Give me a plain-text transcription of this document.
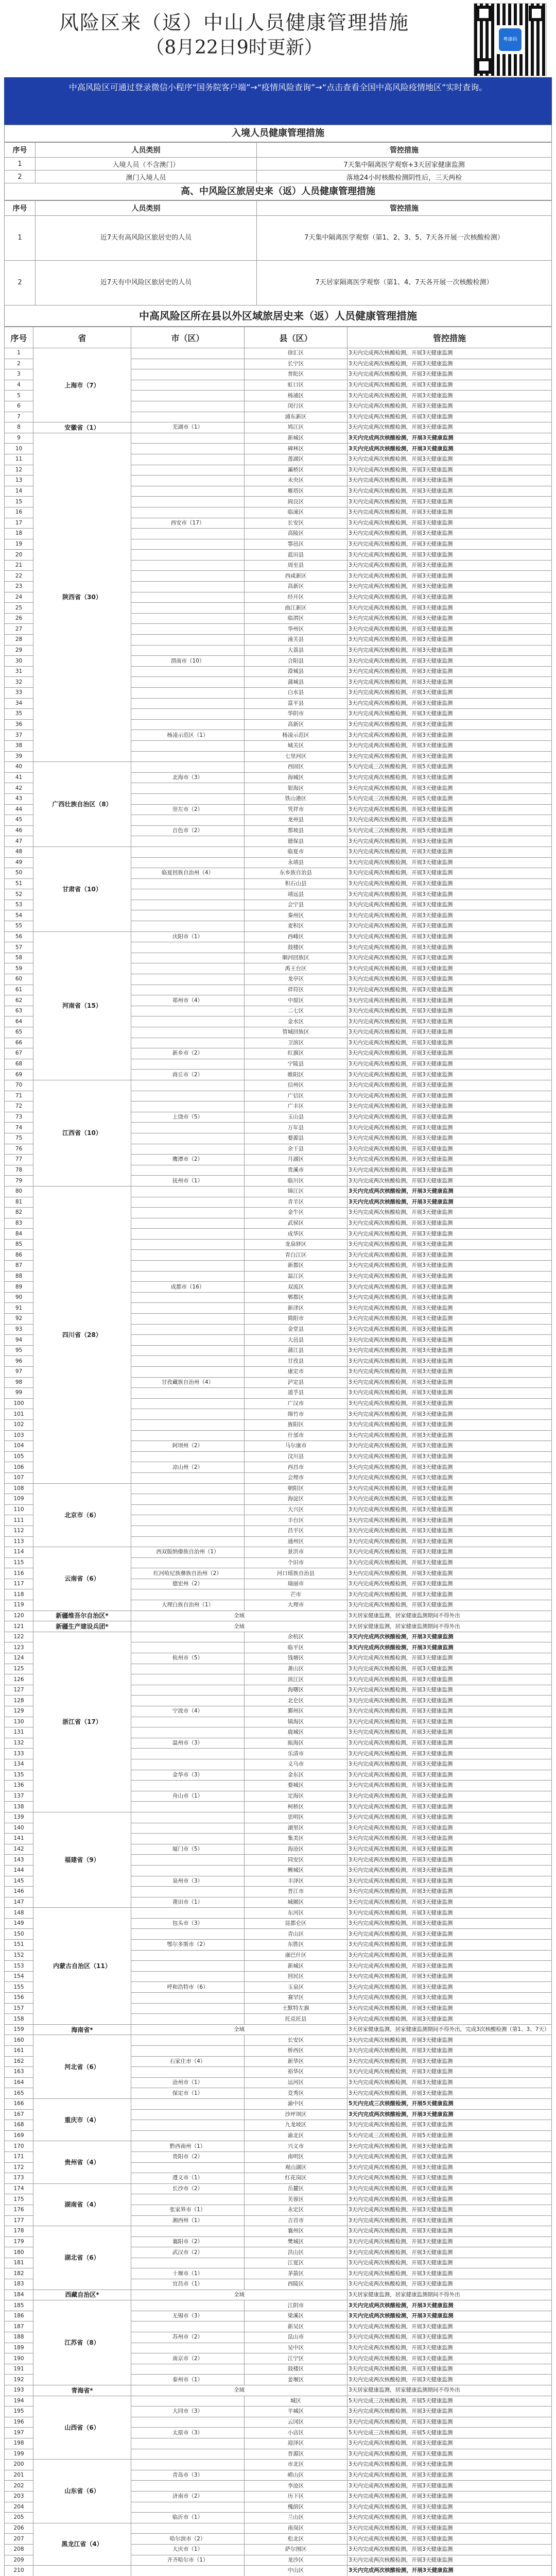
风险区来（返）中山人员健康管理措施
（8月22日9时更新）	粤康码
中高风险区可通过登录微信小程序“国务院客户端”→“疫情风险查询”→“点击查看全国中高风险疫情地区”实时查询。
入境人员健康管理措施
序号	人员类别	管控措施
1	入境人员（不含澳门）	7天集中隔离医学观察+3天居家健康监测
2	澳门入境人员	落地24小时核酸检测阴性后，三天两检
高、中风险区旅居史来（返）人员健康管理措施
序号	人员类别	管控措施
1	近7天有高风险区旅居史的人员	7天集中隔离医学观察（第1、2、3、5、7天各开展一次核酸检测）
2	近7天有中风险区旅居史的人员	7天居家隔离医学观察（第1、4、7天各开展一次核酸检测）
中高风险区所在县以外区域旅居史来（返）人员健康管理措施
序号	省	市（区）	县（区）	管控措施
1	上海市（7）		徐汇区	3天内完成两次核酸检测，开展3天健康监测
2			长宁区	3天内完成两次核酸检测，开展3天健康监测
3			普陀区	3天内完成两次核酸检测，开展3天健康监测
4			虹口区	3天内完成两次核酸检测，开展3天健康监测
5			杨浦区	3天内完成两次核酸检测，开展3天健康监测
6			闵行区	3天内完成两次核酸检测，开展3天健康监测
7			浦东新区	3天内完成两次核酸检测，开展3天健康监测
8	安徽省（1）	芜湖市（1）	鸠江区	3天内完成两次核酸检测，开展3天健康监测
9	陕西省（30）		新城区	3天内完成两次核酸检测，开展3天健康监测
10			碑林区	3天内完成两次核酸检测，开展3天健康监测
11			莲湖区	3天内完成两次核酸检测，开展3天健康监测
12			灞桥区	3天内完成两次核酸检测，开展3天健康监测
13			未央区	3天内完成两次核酸检测，开展3天健康监测
14			雁塔区	3天内完成两次核酸检测，开展3天健康监测
15			阎良区	3天内完成两次核酸检测，开展3天健康监测
16			临潼区	3天内完成两次核酸检测，开展3天健康监测
17		西安市（17）	长安区	3天内完成两次核酸检测，开展3天健康监测
18			高陵区	3天内完成两次核酸检测，开展3天健康监测
19			鄠邑区	3天内完成两次核酸检测，开展3天健康监测
20			蓝田县	3天内完成两次核酸检测，开展3天健康监测
21			周至县	3天内完成两次核酸检测，开展3天健康监测
22			西咸新区	3天内完成两次核酸检测，开展3天健康监测
23			高新区	3天内完成两次核酸检测，开展3天健康监测
24			经开区	3天内完成两次核酸检测，开展3天健康监测
25			曲江新区	3天内完成两次核酸检测，开展3天健康监测
26			临渭区	3天内完成两次核酸检测，开展3天健康监测
27			华州区	3天内完成两次核酸检测，开展3天健康监测
28			潼关县	3天内完成两次核酸检测，开展3天健康监测
29			大荔县	3天内完成两次核酸检测，开展3天健康监测
30		渭南市（10）	合阳县	3天内完成两次核酸检测，开展3天健康监测
31			澄城县	3天内完成两次核酸检测，开展3天健康监测
32			蒲城县	3天内完成两次核酸检测，开展3天健康监测
33			白水县	3天内完成两次核酸检测，开展3天健康监测
34			富平县	3天内完成两次核酸检测，开展3天健康监测
35			华阴市	3天内完成两次核酸检测，开展3天健康监测
36			高新区	3天内完成两次核酸检测，开展3天健康监测
37		杨凌示范区（1）	杨凌示范区	3天内完成两次核酸检测，开展3天健康监测
38			城关区	3天内完成两次核酸检测，开展3天健康监测
39			七里河区	3天内完成两次核酸检测，开展3天健康监测
40	广西壮族自治区（8）		西固区	5天内完成三次核酸检测，开展5天健康监测
41		北海市（3）	海城区	3天内完成两次核酸检测，开展3天健康监测
42			银海区	3天内完成两次核酸检测，开展3天健康监测
43			铁山港区	5天内完成三次核酸检测，开展5天健康监测
44		崇左市（2）	凭祥市	3天内完成两次核酸检测，开展3天健康监测
45			龙州县	3天内完成两次核酸检测，开展3天健康监测
46		百色市（2）	那坡县	5天内完成三次核酸检测，开展5天健康监测
47			德保县	3天内完成两次核酸检测，开展3天健康监测
48	甘肃省（10）		临夏市	3天内完成两次核酸检测，开展3天健康监测
49			永靖县	3天内完成两次核酸检测，开展3天健康监测
50		临夏回族自治州（4）	东乡族自治县	3天内完成两次核酸检测，开展3天健康监测
51			积石山县	3天内完成两次核酸检测，开展3天健康监测
52			靖远县	3天内完成两次核酸检测，开展3天健康监测
53			会宁县	3天内完成两次核酸检测，开展3天健康监测
54			秦州区	3天内完成两次核酸检测，开展3天健康监测
55			麦积区	3天内完成两次核酸检测，开展3天健康监测
56	河南省（15）	庆阳市（1）	西峰区	3天内完成两次核酸检测，开展3天健康监测
57			鼓楼区	3天内完成两次核酸检测，开展3天健康监测
58			顺河回族区	3天内完成两次核酸检测，开展3天健康监测
59			禹王台区	3天内完成两次核酸检测，开展3天健康监测
60			龙亭区	3天内完成两次核酸检测，开展3天健康监测
61			祥符区	3天内完成两次核酸检测，开展3天健康监测
62		郑州市（4）	中原区	3天内完成两次核酸检测，开展3天健康监测
63			二七区	3天内完成两次核酸检测，开展3天健康监测
64			金水区	3天内完成两次核酸检测，开展3天健康监测
65			管城回族区	3天内完成两次核酸检测，开展3天健康监测
66			卫滨区	3天内完成两次核酸检测，开展3天健康监测
67		新乡市（2）	红旗区	3天内完成两次核酸检测，开展3天健康监测
68			宁陵县	3天内完成两次核酸检测，开展3天健康监测
69		商丘市（2）	睢阳区	3天内完成两次核酸检测，开展3天健康监测
70	江西省（10）		信州区	3天内完成两次核酸检测，开展3天健康监测
71			广信区	3天内完成两次核酸检测，开展3天健康监测
72			广丰区	3天内完成两次核酸检测，开展3天健康监测
73		上饶市（5）	玉山县	3天内完成两次核酸检测，开展3天健康监测
74			万年县	3天内完成两次核酸检测，开展3天健康监测
75			婺源县	3天内完成两次核酸检测，开展3天健康监测
76			余干县	3天内完成两次核酸检测，开展3天健康监测
77		鹰潭市（2）	月湖区	3天内完成两次核酸检测，开展3天健康监测
78			贵溪市	3天内完成两次核酸检测，开展3天健康监测
79		抚州市（1）	临川区	3天内完成两次核酸检测，开展3天健康监测
80	四川省（28）		锦江区	3天内完成两次核酸检测，开展3天健康监测
81			青羊区	3天内完成两次核酸检测，开展3天健康监测
82			金牛区	3天内完成两次核酸检测，开展3天健康监测
83			武侯区	3天内完成两次核酸检测，开展3天健康监测
84			成华区	3天内完成两次核酸检测，开展3天健康监测
85			龙泉驿区	3天内完成两次核酸检测，开展3天健康监测
86			青白江区	3天内完成两次核酸检测，开展3天健康监测
87			新都区	3天内完成两次核酸检测，开展3天健康监测
88			温江区	3天内完成两次核酸检测，开展3天健康监测
89		成都市（16）	双流区	3天内完成两次核酸检测，开展3天健康监测
90			郫都区	3天内完成两次核酸检测，开展3天健康监测
91			新津区	3天内完成两次核酸检测，开展3天健康监测
92			简阳市	3天内完成两次核酸检测，开展3天健康监测
93			金堂县	3天内完成两次核酸检测，开展3天健康监测
94			大邑县	3天内完成两次核酸检测，开展3天健康监测
95			蒲江县	3天内完成两次核酸检测，开展3天健康监测
96			甘孜县	3天内完成两次核酸检测，开展3天健康监测
97			康定市	3天内完成两次核酸检测，开展3天健康监测
98		甘孜藏族自治州（4）	泸定县	3天内完成两次核酸检测，开展3天健康监测
99			道孚县	3天内完成两次核酸检测，开展3天健康监测
100			广汉市	3天内完成两次核酸检测，开展3天健康监测
101			绵竹市	3天内完成两次核酸检测，开展3天健康监测
102			旌阳区	3天内完成两次核酸检测，开展3天健康监测
103			什邡市	3天内完成两次核酸检测，开展3天健康监测
104		阿坝州（2）	马尔康市	3天内完成两次核酸检测，开展3天健康监测
105			汶川县	3天内完成两次核酸检测，开展3天健康监测
106		凉山州（2）	西昌市	3天内完成两次核酸检测，开展3天健康监测
107			会理市	3天内完成两次核酸检测，开展3天健康监测
108	北京市（6）		朝阳区	3天内完成两次核酸检测，开展3天健康监测
109			海淀区	3天内完成两次核酸检测，开展3天健康监测
110			大兴区	3天内完成两次核酸检测，开展3天健康监测
111			丰台区	3天内完成两次核酸检测，开展3天健康监测
112			昌平区	3天内完成两次核酸检测，开展3天健康监测
113			通州区	3天内完成两次核酸检测，开展3天健康监测
114	云南省（6）	西双版纳傣族自治州（1）	景洪市	3天内完成两次核酸检测，开展3天健康监测
115			个旧市	3天内完成两次核酸检测，开展3天健康监测
116		红河哈尼族彝族自治州（2）	河口瑶族自治县	3天内完成两次核酸检测，开展3天健康监测
117		德宏州（2）	瑞丽市	3天内完成两次核酸检测，开展3天健康监测
118			芒市	3天内完成两次核酸检测，开展3天健康监测
119		大理白族自治州（1）	大理市	3天内完成两次核酸检测，开展3天健康监测
120	新疆维吾尔自治区*	全域		3天居家健康监测，居家健康监测期间不得外出
121	新疆生产建设兵团*	全域		3天居家健康监测，居家健康监测期间不得外出
122	浙江省（17）		余杭区	3天内完成两次核酸检测，开展3天健康监测
123			临平区	3天内完成两次核酸检测，开展3天健康监测
124		杭州市（5）	钱塘区	3天内完成两次核酸检测，开展3天健康监测
125			萧山区	3天内完成两次核酸检测，开展3天健康监测
126			滨江区	3天内完成两次核酸检测，开展3天健康监测
127			海曙区	3天内完成两次核酸检测，开展3天健康监测
128			北仑区	3天内完成两次核酸检测，开展3天健康监测
129		宁波市（4）	鄞州区	3天内完成两次核酸检测，开展3天健康监测
130			镇海区	3天内完成两次核酸检测，开展3天健康监测
131			鹿城区	3天内完成两次核酸检测，开展3天健康监测
132		温州市（3）	瓯海区	3天内完成两次核酸检测，开展3天健康监测
133			乐清市	3天内完成两次核酸检测，开展3天健康监测
134			义乌市	3天内完成两次核酸检测，开展3天健康监测
135		金华市（3）	金东区	3天内完成两次核酸检测，开展3天健康监测
136			婺城区	3天内完成两次核酸检测，开展3天健康监测
137		舟山市（1）	定海区	3天内完成两次核酸检测，开展3天健康监测
138			柯桥区	3天内完成两次核酸检测，开展3天健康监测
139	福建省（9）		思明区	3天内完成两次核酸检测，开展3天健康监测
140			湖里区	3天内完成两次核酸检测，开展3天健康监测
141			集美区	3天内完成两次核酸检测，开展3天健康监测
142		厦门市（5）	海沧区	3天内完成两次核酸检测，开展3天健康监测
143			同安区	3天内完成两次核酸检测，开展3天健康监测
144			鲤城区	3天内完成两次核酸检测，开展3天健康监测
145		泉州市（3）	丰泽区	3天内完成两次核酸检测，开展3天健康监测
146			晋江市	3天内完成两次核酸检测，开展3天健康监测
147		莆田市（1）	城厢区	3天内完成两次核酸检测，开展3天健康监测
148	内蒙古自治区（11）		东河区	3天内完成两次核酸检测，开展3天健康监测
149		包头市（3）	昆都仑区	3天内完成两次核酸检测，开展3天健康监测
150			青山区	3天内完成两次核酸检测，开展3天健康监测
151		鄂尔多斯市（2）	东胜区	3天内完成两次核酸检测，开展3天健康监测
152			康巴什区	3天内完成两次核酸检测，开展3天健康监测
153			新城区	3天内完成两次核酸检测，开展3天健康监测
154			回民区	3天内完成两次核酸检测，开展3天健康监测
155		呼和浩特市（6）	玉泉区	3天内完成两次核酸检测，开展3天健康监测
156			赛罕区	3天内完成两次核酸检测，开展3天健康监测
157			土默特左旗	3天内完成两次核酸检测，开展3天健康监测
158			托克托县	3天内完成两次核酸检测，开展3天健康监测
159	海南省*	全域		3天居家健康监测，居家健康监测期间不得外出，完成3次核酸检测（第1、3、7天）
160	河北省（6）		长安区	3天内完成两次核酸检测，开展3天健康监测
161			桥西区	3天内完成两次核酸检测，开展3天健康监测
162		石家庄市（4）	新华区	3天内完成两次核酸检测，开展3天健康监测
163			裕华区	3天内完成两次核酸检测，开展3天健康监测
164		沧州市（1）	运河区	3天内完成两次核酸检测，开展3天健康监测
165		保定市（1）	竞秀区	3天内完成两次核酸检测，开展3天健康监测
166	重庆市（4）		渝中区	5天内完成三次核酸检测，开展5天健康监测
167			沙坪坝区	3天内完成两次核酸检测，开展3天健康监测
168			九龙坡区	3天内完成两次核酸检测，开展3天健康监测
169			渝北区	5天内完成三次核酸检测，开展5天健康监测
170	贵州省（4）	黔西南州（1）	兴义市	3天内完成两次核酸检测，开展3天健康监测
171		贵阳市（2）	南明区	3天内完成两次核酸检测，开展3天健康监测
172			观山湖区	3天内完成两次核酸检测，开展3天健康监测
173		遵义市（1）	红花岗区	3天内完成两次核酸检测，开展3天健康监测
174	湖南省（4）	长沙市（2）	岳麓区	3天内完成两次核酸检测，开展3天健康监测
175			芙蓉区	3天内完成两次核酸检测，开展3天健康监测
176		张家界市（1）	永定区	3天内完成两次核酸检测，开展3天健康监测
177		湘西州（1）	吉首市	3天内完成两次核酸检测，开展3天健康监测
178	湖北省（6）		襄州区	3天内完成两次核酸检测，开展3天健康监测
179		襄阳市（2）	樊城区	3天内完成两次核酸检测，开展3天健康监测
180		武汉市（2）	洪山区	3天内完成两次核酸检测，开展3天健康监测
181			江夏区	3天内完成两次核酸检测，开展3天健康监测
182		十堰市（1）	茅箭区	3天内完成两次核酸检测，开展3天健康监测
183		宜昌市（1）	西陵区	3天内完成两次核酸检测，开展3天健康监测
184	西藏自治区*	全域		3天居家健康监测，居家健康监测期间不得外出
185	江苏省（8）		江阴市	3天内完成两次核酸检测，开展3天健康监测
186		无锡市（3）	梁溪区	3天内完成两次核酸检测，开展3天健康监测
187			新吴区	3天内完成两次核酸检测，开展3天健康监测
188		苏州市（2）	昆山市	3天内完成两次核酸检测，开展3天健康监测
189			吴中区	3天内完成两次核酸检测，开展3天健康监测
190		南京市（2）	江宁区	3天内完成两次核酸检测，开展3天健康监测
191			鼓楼区	3天内完成两次核酸检测，开展3天健康监测
192		泰州市（1）	姜堰区	3天内完成两次核酸检测，开展3天健康监测
193	青海省*	全域		3天居家健康监测，居家健康监测期间不得外出
194	山西省（6）		城区	5天内完成三次核酸检测，开展5天健康监测
195		大同市（3）	平城区	3天内完成两次核酸检测，开展3天健康监测
196			云冈区	3天内完成两次核酸检测，开展3天健康监测
197		太原市（3）	小店区	5天内完成三次核酸检测，开展5天健康监测
198			迎泽区	3天内完成两次核酸检测，开展3天健康监测
199			晋源区	3天内完成两次核酸检测，开展3天健康监测
200	山东省（6）		市北区	3天内完成两次核酸检测，开展3天健康监测
201		青岛市（3）	崂山区	3天内完成两次核酸检测，开展3天健康监测
202			李沧区	3天内完成两次核酸检测，开展3天健康监测
203		济南市（2）	历下区	3天内完成两次核酸检测，开展3天健康监测
204			槐荫区	3天内完成两次核酸检测，开展3天健康监测
205		临沂市（1）	兰山区	3天内完成两次核酸检测，开展3天健康监测
206	黑龙江省（4）		南岗区	3天内完成两次核酸检测，开展3天健康监测
207		哈尔滨市（2）	松北区	3天内完成两次核酸检测，开展3天健康监测
208		大庆市（1）	萨尔图区	3天内完成两次核酸检测，开展3天健康监测
209		齐齐哈尔市（1）	龙沙区	3天内完成两次核酸检测，开展3天健康监测
210			中山区	3天内完成两次核酸检测，开展3天健康监测
